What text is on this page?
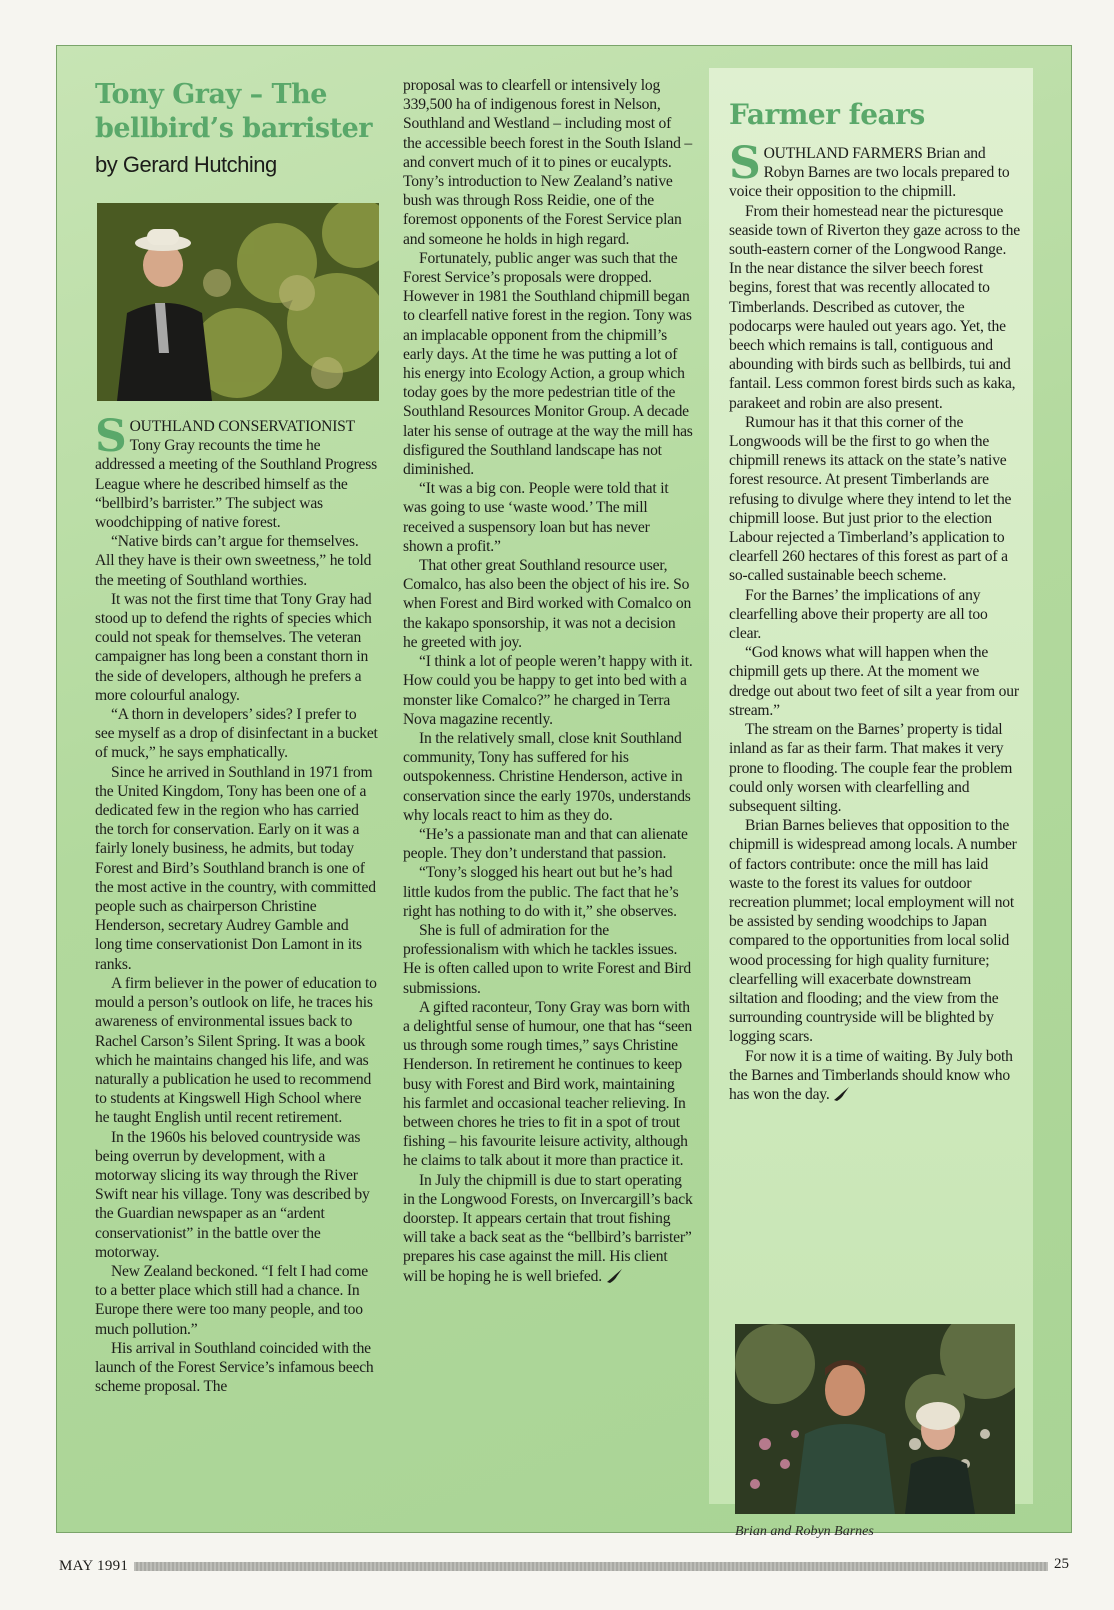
Tony Gray – The
bellbird’s barrister
by Gerard Hutching

SOUTHLAND CONSERVATIONIST Tony Gray recounts the time he addressed a meeting of the Southland Progress League where he described himself as the “bellbird’s barrister.” The subject was woodchipping of native forest.

“Native birds can’t argue for themselves. All they have is their own sweetness,” he told the meeting of Southland worthies.

It was not the first time that Tony Gray had stood up to defend the rights of species which could not speak for themselves. The veteran campaigner has long been a constant thorn in the side of developers, although he prefers a more colourful analogy.

“A thorn in developers’ sides? I prefer to see myself as a drop of disinfectant in a bucket of muck,” he says emphatically.

Since he arrived in Southland in 1971 from the United Kingdom, Tony has been one of a dedicated few in the region who has carried the torch for conservation. Early on it was a fairly lonely business, he admits, but today Forest and Bird’s Southland branch is one of the most active in the country, with committed people such as chairperson Christine Henderson, secretary Audrey Gamble and long time conservationist Don Lamont in its ranks.

A firm believer in the power of education to mould a person’s outlook on life, he traces his awareness of environmental issues back to Rachel Carson’s Silent Spring. It was a book which he maintains changed his life, and was naturally a publication he used to recommend to students at Kingswell High School where he taught English until recent retirement.

In the 1960s his beloved countryside was being overrun by development, with a motorway slicing its way through the River Swift near his village. Tony was described by the Guardian newspaper as an “ardent conservationist” in the battle over the motorway.

New Zealand beckoned. “I felt I had come to a better place which still had a chance. In Europe there were too many people, and too much pollution.”

His arrival in Southland coincided with the launch of the Forest Service’s infamous beech scheme proposal. The

proposal was to clearfell or intensively log 339,500 ha of indigenous forest in Nelson, Southland and Westland – including most of the accessible beech forest in the South Island – and convert much of it to pines or eucalypts. Tony’s introduction to New Zealand’s native bush was through Ross Reidie, one of the foremost opponents of the Forest Service plan and someone he holds in high regard.

Fortunately, public anger was such that the Forest Service’s proposals were dropped. However in 1981 the Southland chipmill began to clearfell native forest in the region. Tony was an implacable opponent from the chipmill’s early days. At the time he was putting a lot of his energy into Ecology Action, a group which today goes by the more pedestrian title of the Southland Resources Monitor Group. A decade later his sense of outrage at the way the mill has disfigured the Southland landscape has not diminished.

“It was a big con. People were told that it was going to use ‘waste wood.’ The mill received a suspensory loan but has never shown a profit.”

That other great Southland resource user, Comalco, has also been the object of his ire. So when Forest and Bird worked with Comalco on the kakapo sponsorship, it was not a decision he greeted with joy.

“I think a lot of people weren’t happy with it. How could you be happy to get into bed with a monster like Comalco?” he charged in Terra Nova magazine recently.

In the relatively small, close knit Southland community, Tony has suffered for his outspokenness. Christine Henderson, active in conservation since the early 1970s, understands why locals react to him as they do.

“He’s a passionate man and that can alienate people. They don’t understand that passion.

“Tony’s slogged his heart out but he’s had little kudos from the public. The fact that he’s right has nothing to do with it,” she observes.

She is full of admiration for the professionalism with which he tackles issues. He is often called upon to write Forest and Bird submissions.

A gifted raconteur, Tony Gray was born with a delightful sense of humour, one that has “seen us through some rough times,” says Christine Henderson. In retirement he continues to keep busy with Forest and Bird work, maintaining his farmlet and occasional teacher relieving. In between chores he tries to fit in a spot of trout fishing – his favourite leisure activity, although he claims to talk about it more than practice it.

In July the chipmill is due to start operating in the Longwood Forests, on Invercargill’s back doorstep. It appears certain that trout fishing will take a back seat as the “bellbird’s barrister” prepares his case against the mill. His client will be hoping he is well briefed.

Farmer fears

SOUTHLAND FARMERS Brian and Robyn Barnes are two locals prepared to voice their opposition to the chipmill.

From their homestead near the picturesque seaside town of Riverton they gaze across to the south-eastern corner of the Longwood Range. In the near distance the silver beech forest begins, forest that was recently allocated to Timberlands. Described as cutover, the podocarps were hauled out years ago. Yet, the beech which remains is tall, contiguous and abounding with birds such as bellbirds, tui and fantail. Less common forest birds such as kaka, parakeet and robin are also present.

Rumour has it that this corner of the Longwoods will be the first to go when the chipmill renews its attack on the state’s native forest resource. At present Timberlands are refusing to divulge where they intend to let the chipmill loose. But just prior to the election Labour rejected a Timberland’s application to clearfell 260 hectares of this forest as part of a so-called sustainable beech scheme.

For the Barnes’ the implications of any clearfelling above their property are all too clear.

“God knows what will happen when the chipmill gets up there. At the moment we dredge out about two feet of silt a year from our stream.”

The stream on the Barnes’ property is tidal inland as far as their farm. That makes it very prone to flooding. The couple fear the problem could only worsen with clearfelling and subsequent silting.

Brian Barnes believes that opposition to the chipmill is widespread among locals. A number of factors contribute: once the mill has laid waste to the forest its values for outdoor recreation plummet; local employment will not be assisted by sending woodchips to Japan compared to the opportunities from local solid wood processing for high quality furniture; clearfelling will exacerbate downstream siltation and flooding; and the view from the surrounding countryside will be blighted by logging scars.

For now it is a time of waiting. By July both the Barnes and Timberlands should know who has won the day.

Brian and Robyn Barnes
MAY 1991	25
